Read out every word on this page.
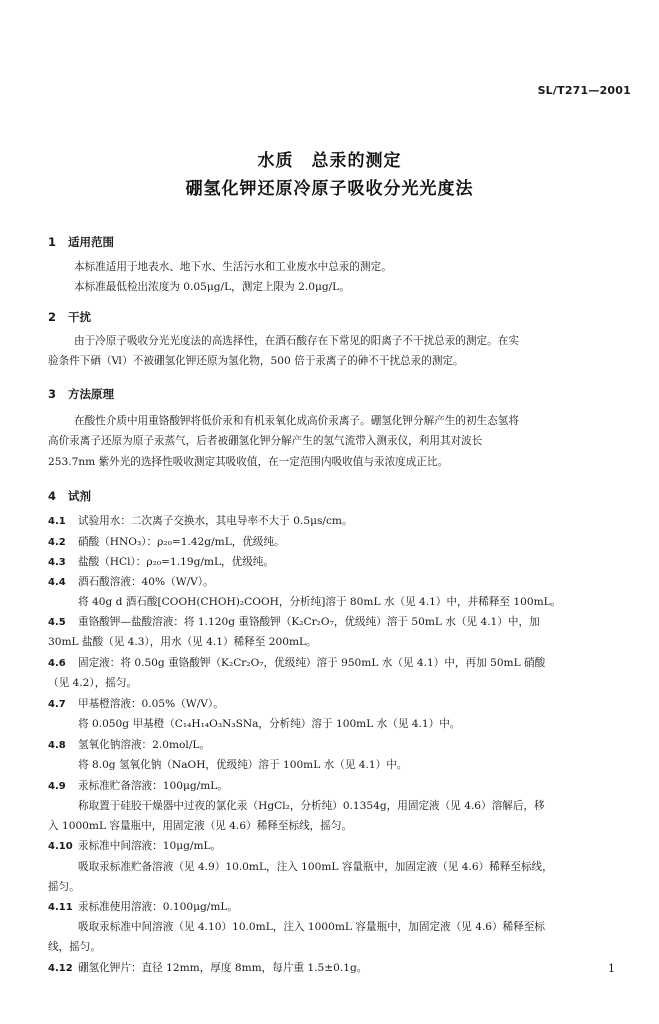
SL/T271—2001
水质　总汞的测定
硼氢化钾还原冷原子吸收分光光度法
1 适用范围
本标准适用于地表水、地下水、生活污水和工业废水中总汞的测定。
本标准最低检出浓度为 0.05μg/L，测定上限为 2.0μg/L。
2 干扰
由于冷原子吸收分光光度法的高选择性，在酒石酸存在下常见的阳离子不干扰总汞的测定。在实
验条件下硒（Ⅵ）不被硼氢化钾还原为氢化物，500 倍于汞离子的砷不干扰总汞的测定。
3 方法原理
在酸性介质中用重铬酸钾将低价汞和有机汞氧化成高价汞离子。硼氢化钾分解产生的初生态氢将
高价汞离子还原为原子汞蒸气，后者被硼氢化钾分解产生的氢气流带入测汞仪，利用其对波长
253.7nm 紫外光的选择性吸收测定其吸收值，在一定范围内吸收值与汞浓度成正比。
4 试剂
4.1 试验用水：二次离子交换水，其电导率不大于 0.5μs/cm。
4.2 硝酸（HNO₃）：ρ₂₀=1.42g/mL，优级纯。
4.3 盐酸（HCl）：ρ₂₀=1.19g/mL，优级纯。
4.4 酒石酸溶液：40%（W/V）。
将 40g d 酒石酸[COOH(CHOH)₂COOH，分析纯]溶于 80mL 水（见 4.1）中，并稀释至 100mL。
4.5 重铬酸钾—盐酸溶液：将 1.120g 重铬酸钾（K₂Cr₂O₇，优级纯）溶于 50mL 水（见 4.1）中，加
30mL 盐酸（见 4.3），用水（见 4.1）稀释至 200mL。
4.6 固定液：将 0.50g 重铬酸钾（K₂Cr₂O₇，优级纯）溶于 950mL 水（见 4.1）中，再加 50mL 硝酸
（见 4.2），摇匀。
4.7 甲基橙溶液：0.05%（W/V）。
将 0.050g 甲基橙（C₁₄H₁₄O₃N₃SNa，分析纯）溶于 100mL 水（见 4.1）中。
4.8 氢氧化钠溶液：2.0mol/L。
将 8.0g 氢氧化钠（NaOH，优级纯）溶于 100mL 水（见 4.1）中。
4.9 汞标准贮备溶液：100μg/mL。
称取置于硅胶干燥器中过夜的氯化汞（HgCl₂，分析纯）0.1354g，用固定液（见 4.6）溶解后，移
入 1000mL 容量瓶中，用固定液（见 4.6）稀释至标线，摇匀。
4.10 汞标准中间溶液：10μg/mL。
吸取汞标准贮备溶液（见 4.9）10.0mL，注入 100mL 容量瓶中，加固定液（见 4.6）稀释至标线，
摇匀。
4.11 汞标准使用溶液：0.100μg/mL。
吸取汞标准中间溶液（见 4.10）10.0mL，注入 1000mL 容量瓶中，加固定液（见 4.6）稀释至标
线，摇匀。
4.12 硼氢化钾片：直径 12mm，厚度 8mm，每片重 1.5±0.1g。	1
